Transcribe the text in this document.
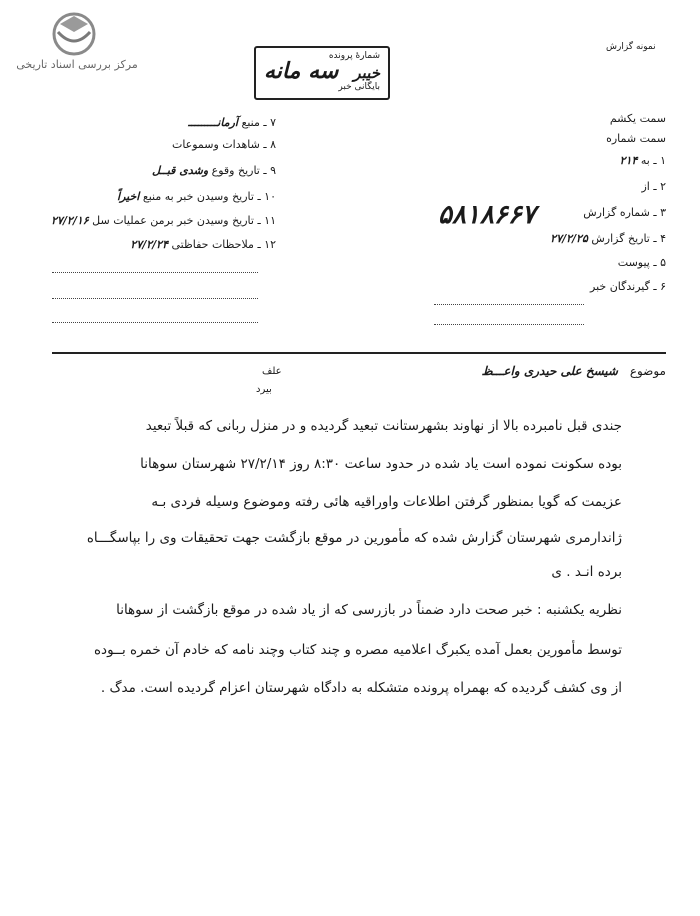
مرکز بررسی اسناد تاریخی	سه مانه
شمارۀ پرونده
خیبر
بایگانی خبر
نمونه گزارش
۷ ـ منبع آرمانـــــــــ
۸ ـ شاهدات وسموعات
۹ ـ تاریخ وقوع وشدی قبــل
۱۰ ـ تاریخ وسیدن خبر به منبع اخیراً
۱۱ ـ تاریخ وسیدن خبر برمن عملیات سل ۲۷/۲/۱۶
۱۲ ـ ملاحظات حفاظتی ۲۷/۲/۲۴
سمت یکشم
سمت شماره
۱ ـ به ۲۱۴
۲ ـ از
۳ ـ شماره گزارش
۵۸۱۸۶۶۷
۴ ـ تاریخ گزارش ۲۷/۲/۲۵
۵ ـ پیوست
۶ ـ گیرندگان خبر
موضوع شیسخ علی حیدری واعـــظ
علف
بیرد
جندی قبل نامبرده بالا از نهاوند بشهرستانت تبعید گردیده و در منزل ربانی که قبلاً تبعید
بوده سکونت نموده است یاد شده در حدود ساعت ۸:۳۰ روز ۲۷/۲/۱۴ شهرستان سوهانا
عزیمت که گویا بمنظور گرفتن اطلاعات واوراقیه هائی رفته وموضوع وسیله فردی بـه
ژاندارمری شهرستان گزارش شده که مأمورین در موقع بازگشت جهت تحقیقات وی را بپاسگـــاه
برده انـد . ی
نظریه یکشنبه : خبر صحت دارد ضمناً در بازرسی که از یاد شده در موقع بازگشت از سوهانا
توسط مأمورین بعمل آمده یکبرگ اعلامیه مصره و چند کتاب وچند نامه که خادم آن خمره بــوده
از وی کشف گردیده که بهمراه پرونده متشکله به دادگاه شهرستان اعزام گردیده است. مدگ .
